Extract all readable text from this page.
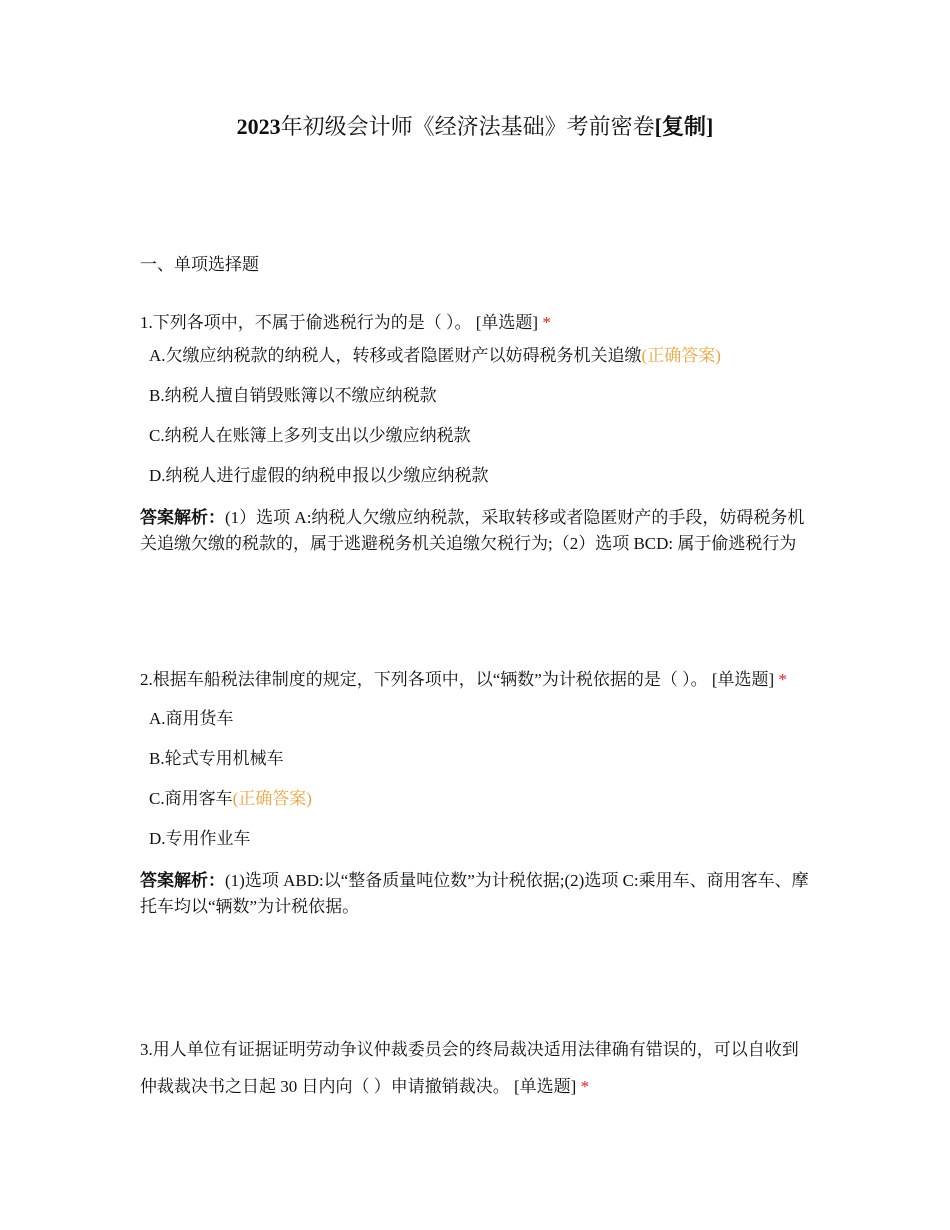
2023年初级会计师《经济法基础》考前密卷[复制]
一、单项选择题

1.下列各项中，不属于偷逃税行为的是（ ）。 [单选题] *

A.欠缴应纳税款的纳税人，转移或者隐匿财产以妨碍税务机关追缴(正确答案)
B.纳税人擅自销毁账簿以不缴应纳税款
C.纳税人在账簿上多列支出以少缴应纳税款
D.纳税人进行虚假的纳税申报以少缴应纳税款
答案解析：(1）选项 A:纳税人欠缴应纳税款，采取转移或者隐匿财产的手段，妨碍税务机关追缴欠缴的税款的，属于逃避税务机关追缴欠税行为;（2）选项 BCD: 属于偷逃税行为

2.根据车船税法律制度的规定，下列各项中，以“辆数”为计税依据的是（ ）。 [单选题] *

A.商用货车
B.轮式专用机械车
C.商用客车(正确答案)
D.专用作业车
答案解析：(1)选项 ABD:以“整备质量吨位数”为计税依据;(2)选项 C:乘用车、商用客车、摩托车均以“辆数”为计税依据。

3.用人单位有证据证明劳动争议仲裁委员会的终局裁决适用法律确有错误的，可以自收到仲裁裁决书之日起 30 日内向（ ）申请撤销裁决。 [单选题] *
